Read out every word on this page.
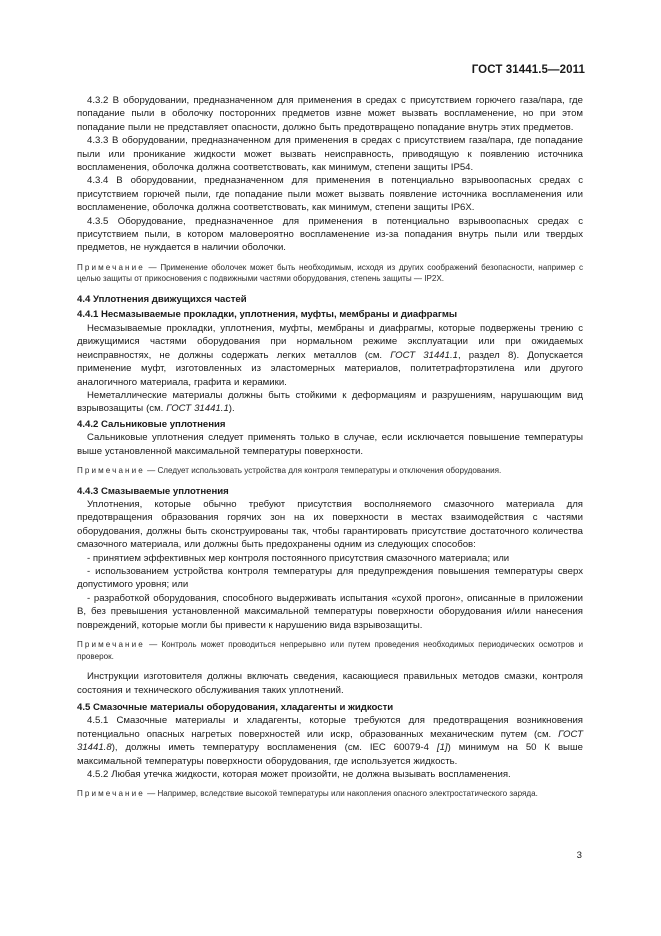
ГОСТ 31441.5—2011

4.3.2 В оборудовании, предназначенном для применения в средах с присутствием горючего газа/пара, где попадание пыли в оболочку посторонних предметов извне может вызвать воспламенение, но при этом попадание пыли не представляет опасности, должно быть предотвращено попадание внутрь этих предметов.

4.3.3 В оборудовании, предназначенном для применения в средах с присутствием газа/пара, где попадание пыли или проникание жидкости может вызвать неисправность, приводящую к появлению источника воспламенения, оболочка должна соответствовать, как минимум, степени защиты IP54.

4.3.4 В оборудовании, предназначенном для применения в потенциально взрывоопасных средах с присутствием горючей пыли, где попадание пыли может вызвать появление источника воспламенения или воспламенение, оболочка должна соответствовать, как минимум, степени защиты IP6X.

4.3.5 Оборудование, предназначенное для применения в потенциально взрывоопасных средах с присутствием пыли, в котором маловероятно воспламенение из-за попадания внутрь пыли или твердых предметов, не нуждается в наличии оболочки.

Примечание — Применение оболочек может быть необходимым, исходя из других соображений безопасности, например с целью защиты от прикосновения с подвижными частями оборудования, степень защиты — IP2X.

4.4 Уплотнения движущихся частей

4.4.1 Несмазываемые прокладки, уплотнения, муфты, мембраны и диафрагмы

Несмазываемые прокладки, уплотнения, муфты, мембраны и диафрагмы, которые подвержены трению с движущимися частями оборудования при нормальном режиме эксплуатации или при ожидаемых неисправностях, не должны содержать легких металлов (см. ГОСТ 31441.1, раздел 8). Допускается применение муфт, изготовленных из эластомерных материалов, политетрафторэтилена или другого аналогичного материала, графита и керамики.

Неметаллические материалы должны быть стойкими к деформациям и разрушениям, нарушающим вид взрывозащиты (см. ГОСТ 31441.1).

4.4.2 Сальниковые уплотнения

Сальниковые уплотнения следует применять только в случае, если исключается повышение температуры выше установленной максимальной температуры поверхности.

Примечание — Следует использовать устройства для контроля температуры и отключения оборудования.

4.4.3 Смазываемые уплотнения

Уплотнения, которые обычно требуют присутствия восполняемого смазочного материала для предотвращения образования горячих зон на их поверхности в местах взаимодействия с частями оборудования, должны быть сконструированы так, чтобы гарантировать присутствие достаточного количества смазочного материала, или должны быть предохранены одним из следующих способов:

- принятием эффективных мер контроля постоянного присутствия смазочного материала; или

- использованием устройства контроля температуры для предупреждения повышения температуры сверх допустимого уровня; или

- разработкой оборудования, способного выдерживать испытания «сухой прогон», описанные в приложении В, без превышения установленной максимальной температуры поверхности оборудования и/или нанесения повреждений, которые могли бы привести к нарушению вида взрывозащиты.

Примечание — Контроль может проводиться непрерывно или путем проведения необходимых периодических осмотров и проверок.

Инструкции изготовителя должны включать сведения, касающиеся правильных методов смазки, контроля состояния и технического обслуживания таких уплотнений.

4.5 Смазочные материалы оборудования, хладагенты и жидкости

4.5.1 Смазочные материалы и хладагенты, которые требуются для предотвращения возникновения потенциально опасных нагретых поверхностей или искр, образованных механическим путем (см. ГОСТ 31441.8), должны иметь температуру воспламенения (см. IEC 60079-4 [1]) минимум на 50 К выше максимальной температуры поверхности оборудования, где используется жидкость.

4.5.2 Любая утечка жидкости, которая может произойти, не должна вызывать воспламенения.

Примечание — Например, вследствие высокой температуры или накопления опасного электростатического заряда.

3
